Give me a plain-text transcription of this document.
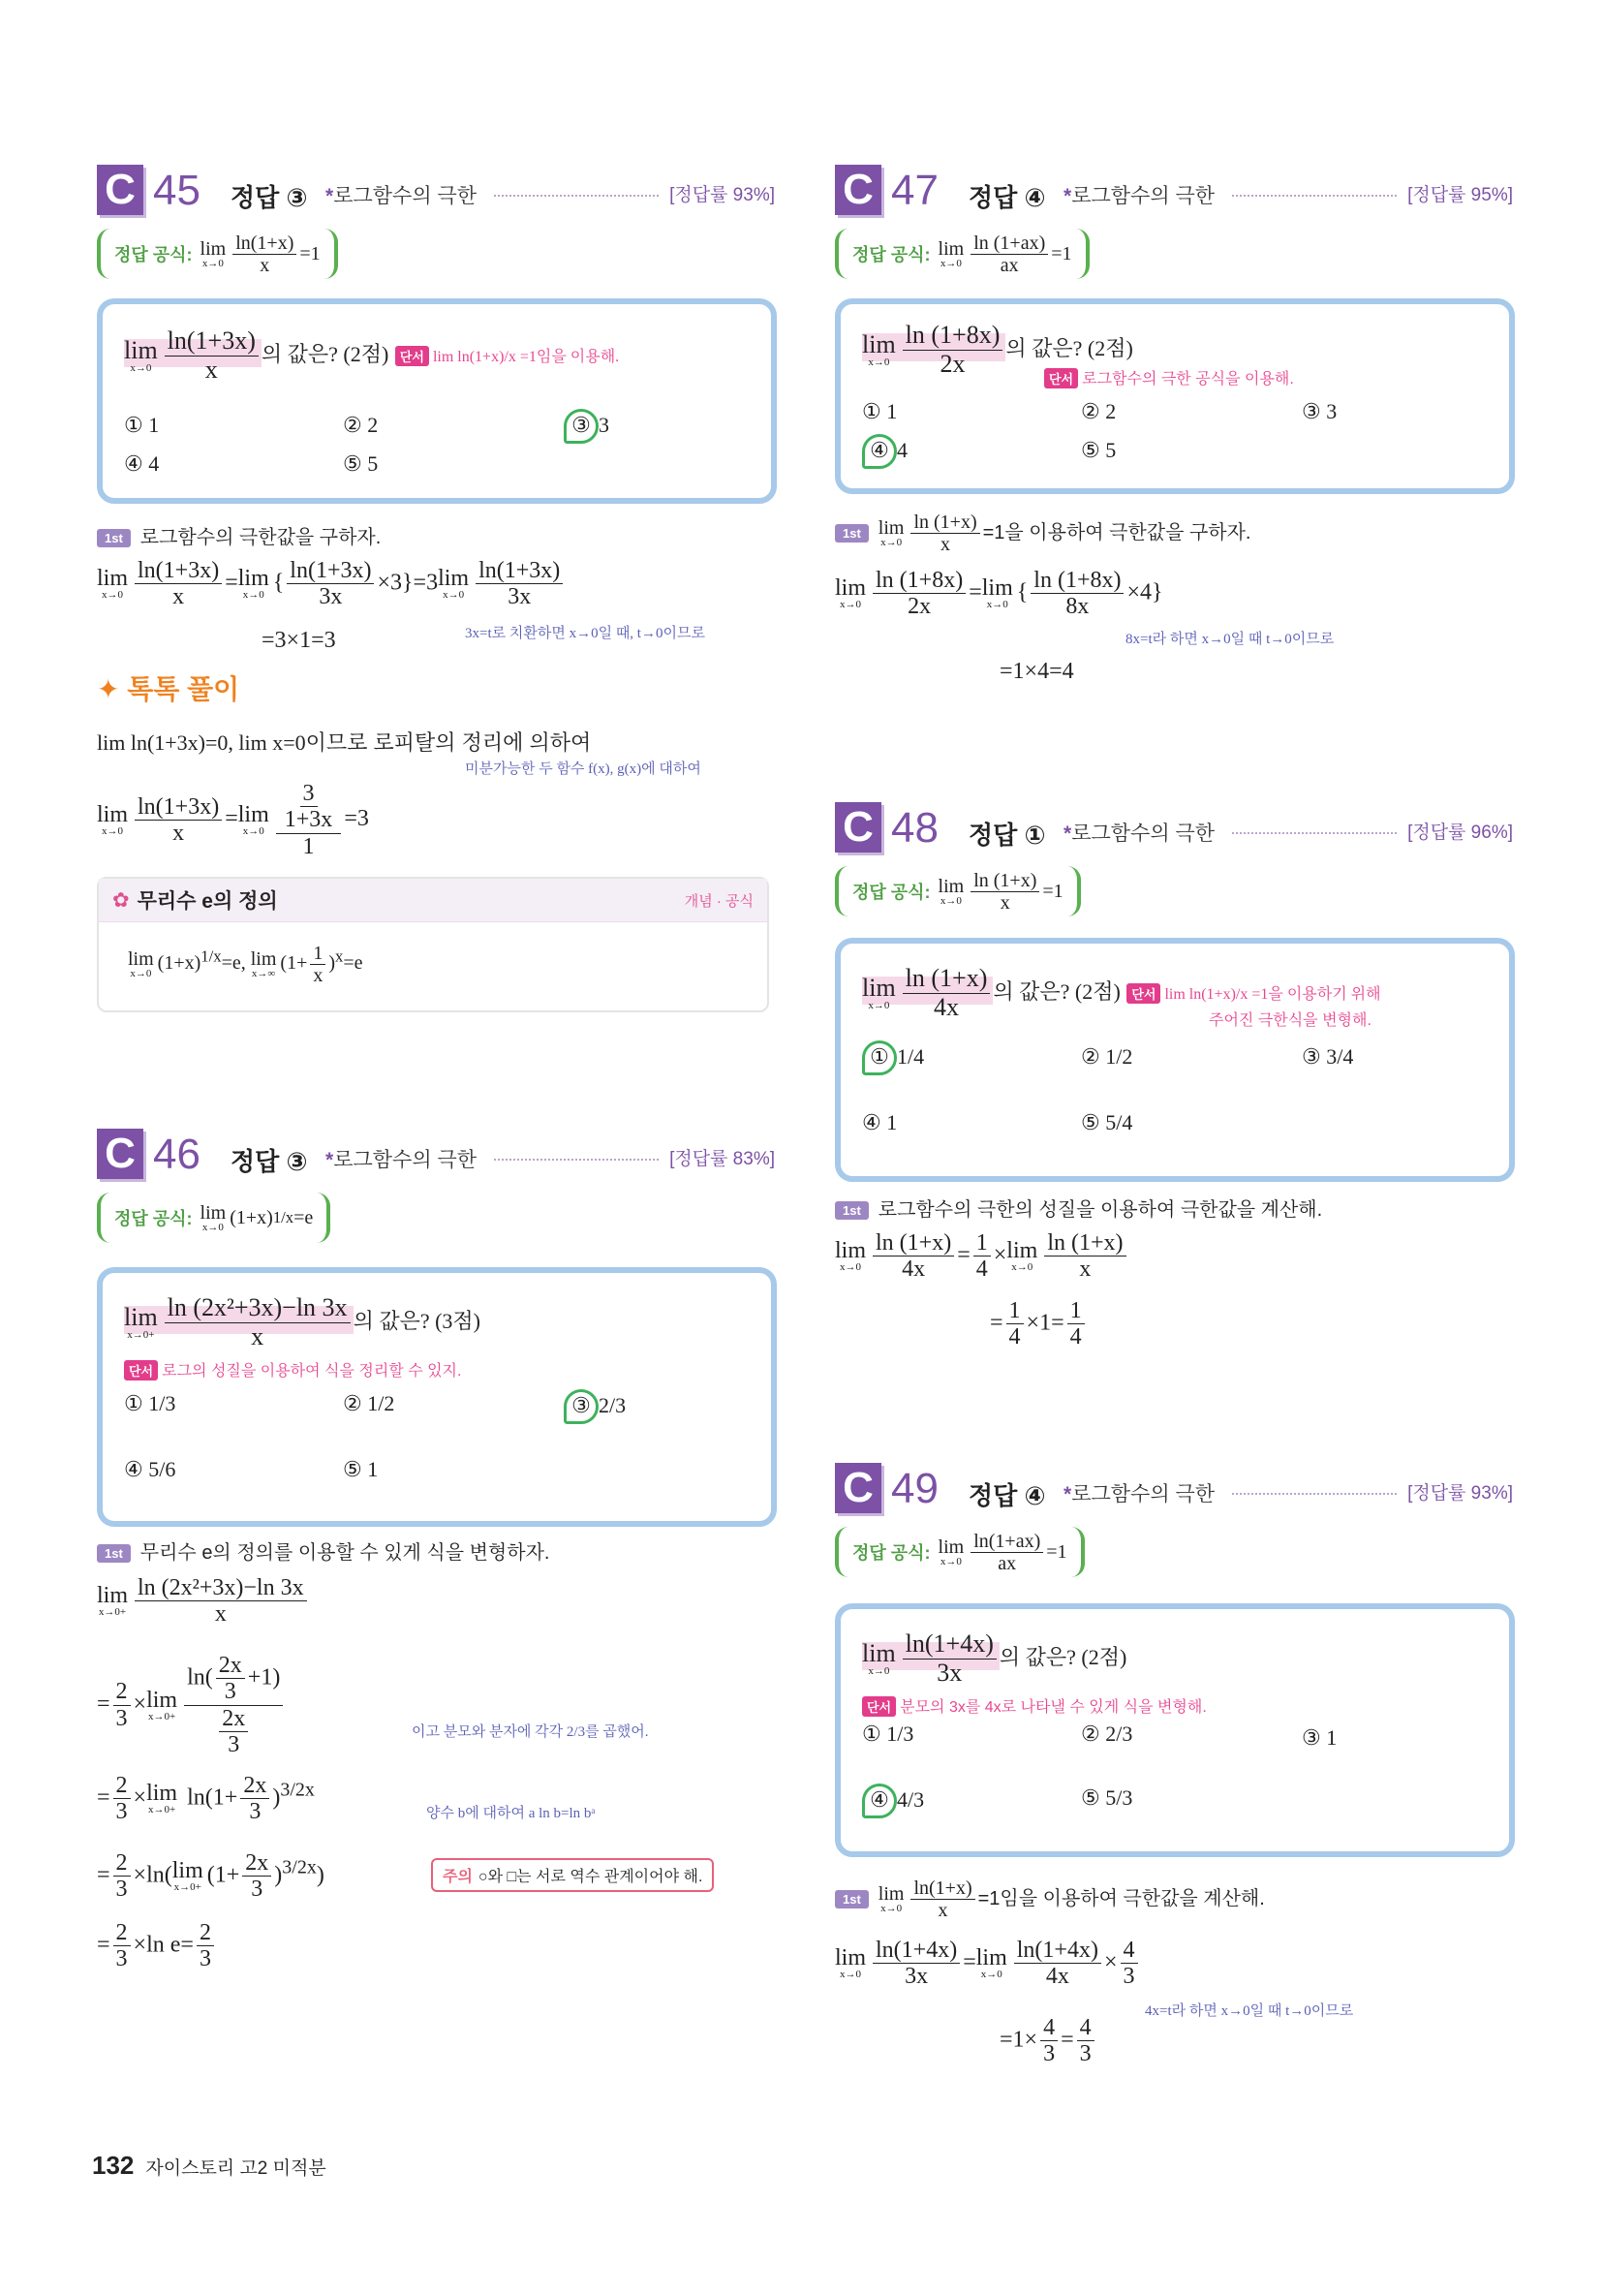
C 45 정답 ③ *로그함수의 극한	[정답률 93%]
정답 공식: lim
$x\to 0 \frac{\ln(1+x)}{x} =1$
lim
$x\to 0 \frac{\ln(1+3x)}{x}$ 의 값은? (2점) 단서 lim ln(1+x)/x =1임을 이용해.
① 1	② 2	③ 3
④ 4	⑤ 5
1st 로그함수의 극한값을 구하자.
lim
$x\to 0 \frac{\ln(1+3x)}{x} = \lim$
x→0 { $\frac{\ln(1+3x)}{3x} \times 3\}=3$ lim
$x\to 0 \frac{\ln(1+3x)}{3x}$
=3×1=3	3x=t로 치환하면 x→0일 때, t→0이므로
✦ 톡톡 풀이
lim ln(1+3x)=0, lim x=0이므로 로피탈의 정리에 의하여
미분가능한 두 함수 f(x), g(x)에 대하여
lim
$x\to 0 \frac{\ln(1+3x)}{x} = \lim$
$x\to 0 \frac{\frac{3}{1+3x}}{1} =3$
✿ 무리수 e의 정의	개념 · 공식
lim
x→0 $(1+x)^{1/x}=e$, lim
x→∞ $(1+ \frac{1}{x} )^x=e$
C 46 정답 ③ *로그함수의 극한	[정답률 83%]
정답 공식: lim
x→0 (1+x) 1/x =e
lim
$x\to 0+ \frac{\text{ln (2x²+3x)−ln 3x}}{x}$ 의 값은? (3점)
단서 로그의 성질을 이용하여 식을 정리할 수 있지.
① 1/3	② 1/2	③ 2/3
④ 5/6	⑤ 1
1st 무리수 e의 정의를 이용할 수 있게 식을 변형하자.
lim
$x\to 0+ \frac{\text{ln (2x²+3x)−ln 3x}}{x}$
= $\frac{2}{3} \times \lim$
$x\to 0+ \frac{\ln( \frac{2x}{3} +1)}{\frac{2x}{3}}$	이고 분모와 분자에 각각 2/3를 곱했어.
= $\frac{2}{3} \times \lim$
$x\to 0+ \ln(1+ \frac{2x}{3} )^{3/2x}$
양수 b에 대하여 a ln b=ln bᵃ
= $\frac{2}{3} \times\ln$( lim
$x\to 0+ (1+ \frac{2x}{3} )^{3/2x}$)	주의 ○와 □는 서로 역수 관계이어야 해.
= $\frac{2}{3} \times\ln$ $e= \frac{2}{3}$
132 자이스토리 고2 미적분
C 47 정답 ④ *로그함수의 극한	[정답률 95%]
정답 공식: lim
$x\to 0 \frac{\ln (1+ax)}{ax} =1$
lim
$x\to 0 \frac{\ln (1+8x)}{2x}$ 의 값은? (2점)
단서 로그함수의 극한 공식을 이용해.
① 1	② 2	③ 3
④ 4	⑤ 5
1st lim
$x\to 0 \frac{\ln (1+x)}{x} =1$을 이용하여 극한값을 구하자.
lim
$x\to 0 \frac{\ln (1+8x)}{2x} = \lim$
x→0 { $\frac{\ln (1+8x)}{8x} \times 4$}
8x=t라 하면 x→0일 때 t→0이므로
=1×4=4
C 48 정답 ① *로그함수의 극한	[정답률 96%]
정답 공식: lim
$x\to 0 \frac{\ln (1+x)}{x} =1$
lim
$x\to 0 \frac{\ln (1+x)}{4x}$ 의 값은? (2점) 단서 lim ln(1+x)/x =1을 이용하기 위해
주어진 극한식을 변형해.
① 1/4	② 1/2	③ 3/4
④ 1	⑤ 5/4
1st 로그함수의 극한의 성질을 이용하여 극한값을 계산해.
lim
$x\to 0 \frac{\ln (1+x)}{4x} = \frac{1}{4} \times \lim$
$x\to 0 \frac{\ln (1+x)}{x}$
= $\frac{1}{4} \times 1= \frac{1}{4}$
C 49 정답 ④ *로그함수의 극한	[정답률 93%]
정답 공식: lim
$x\to 0 \frac{\ln(1+ax)}{ax} =1$
lim
$x\to 0 \frac{\ln(1+4x)}{3x}$ 의 값은? (2점)
단서 분모의 3x를 4x로 나타낼 수 있게 식을 변형해.
① 1/3	② 2/3	③ 1
④ 4/3	⑤ 5/3
1st lim
$x\to 0 \frac{\ln(1+x)}{x} =1$임을 이용하여 극한값을 계산해.
lim
$x\to 0 \frac{\ln(1+4x)}{3x} = \lim$
$x\to 0 \frac{\ln(1+4x)}{4x} \times \frac{4}{3}$
4x=t라 하면 x→0일 때 t→0이므로
$=1\times \frac{4}{3} = \frac{4}{3}$
